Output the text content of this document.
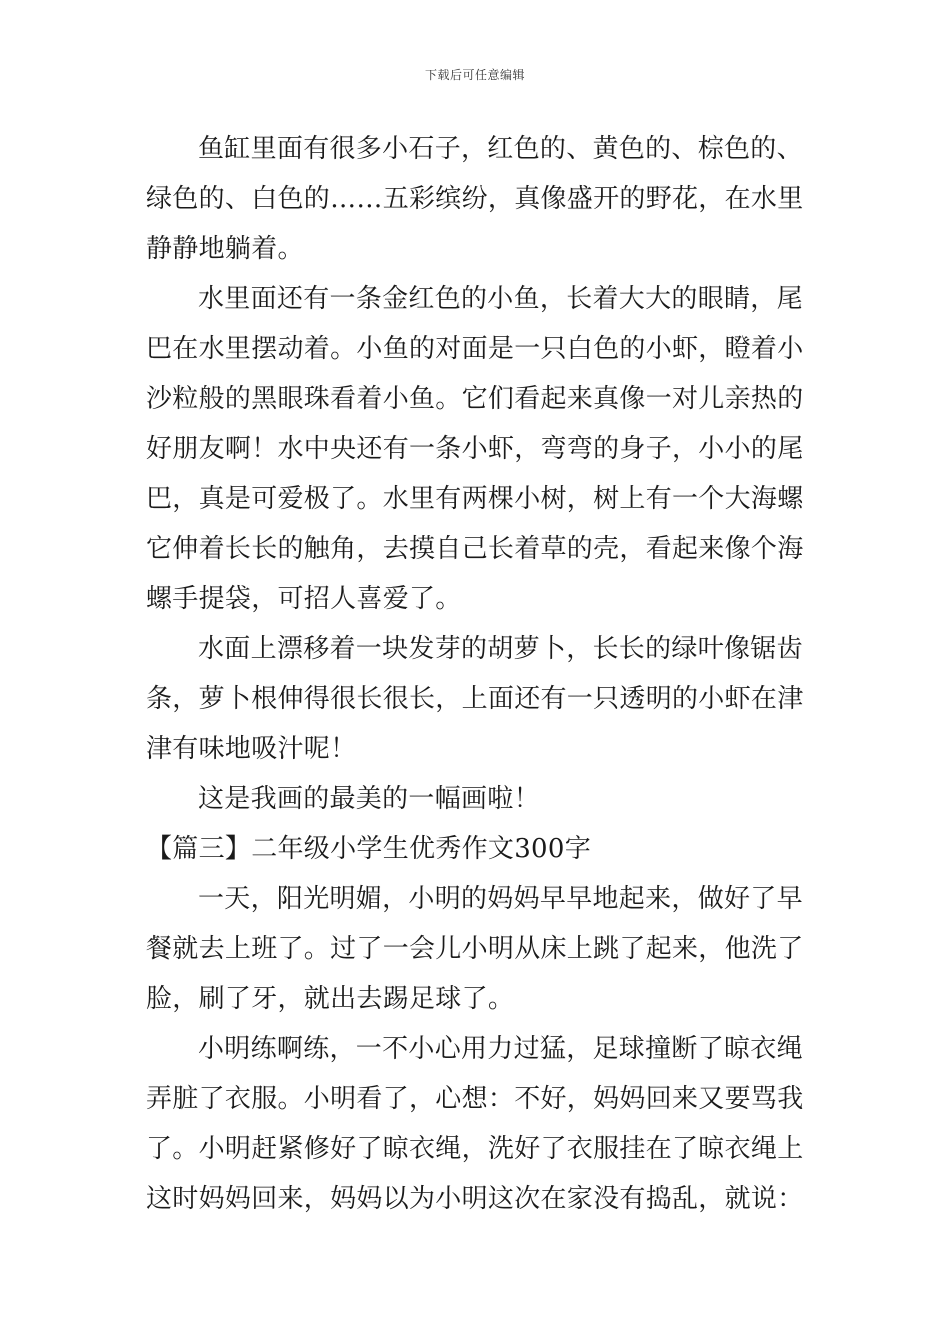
下载后可任意编辑
鱼缸里面有很多小石子，红色的、黄色的、棕色的、
绿色的、白色的……五彩缤纷，真像盛开的野花，在水里
静静地躺着。
水里面还有一条金红色的小鱼，长着大大的眼睛，尾
巴在水里摆动着。小鱼的对面是一只白色的小虾，瞪着小
沙粒般的黑眼珠看着小鱼。它们看起来真像一对儿亲热的
好朋友啊！水中央还有一条小虾，弯弯的身子，小小的尾
巴，真是可爱极了。水里有两棵小树，树上有一个大海螺
它伸着长长的触角，去摸自己长着草的壳，看起来像个海
螺手提袋，可招人喜爱了。
水面上漂移着一块发芽的胡萝卜，长长的绿叶像锯齿
条，萝卜根伸得很长很长，上面还有一只透明的小虾在津
津有味地吸汁呢！
这是我画的最美的一幅画啦！
【篇三】二年级小学生优秀作文300字
一天，阳光明媚，小明的妈妈早早地起来，做好了早
餐就去上班了。过了一会儿小明从床上跳了起来，他洗了
脸，刷了牙，就出去踢足球了。
小明练啊练，一不小心用力过猛，足球撞断了晾衣绳
弄脏了衣服。小明看了，心想：不好，妈妈回来又要骂我
了。小明赶紧修好了晾衣绳，洗好了衣服挂在了晾衣绳上
这时妈妈回来，妈妈以为小明这次在家没有捣乱，就说：
